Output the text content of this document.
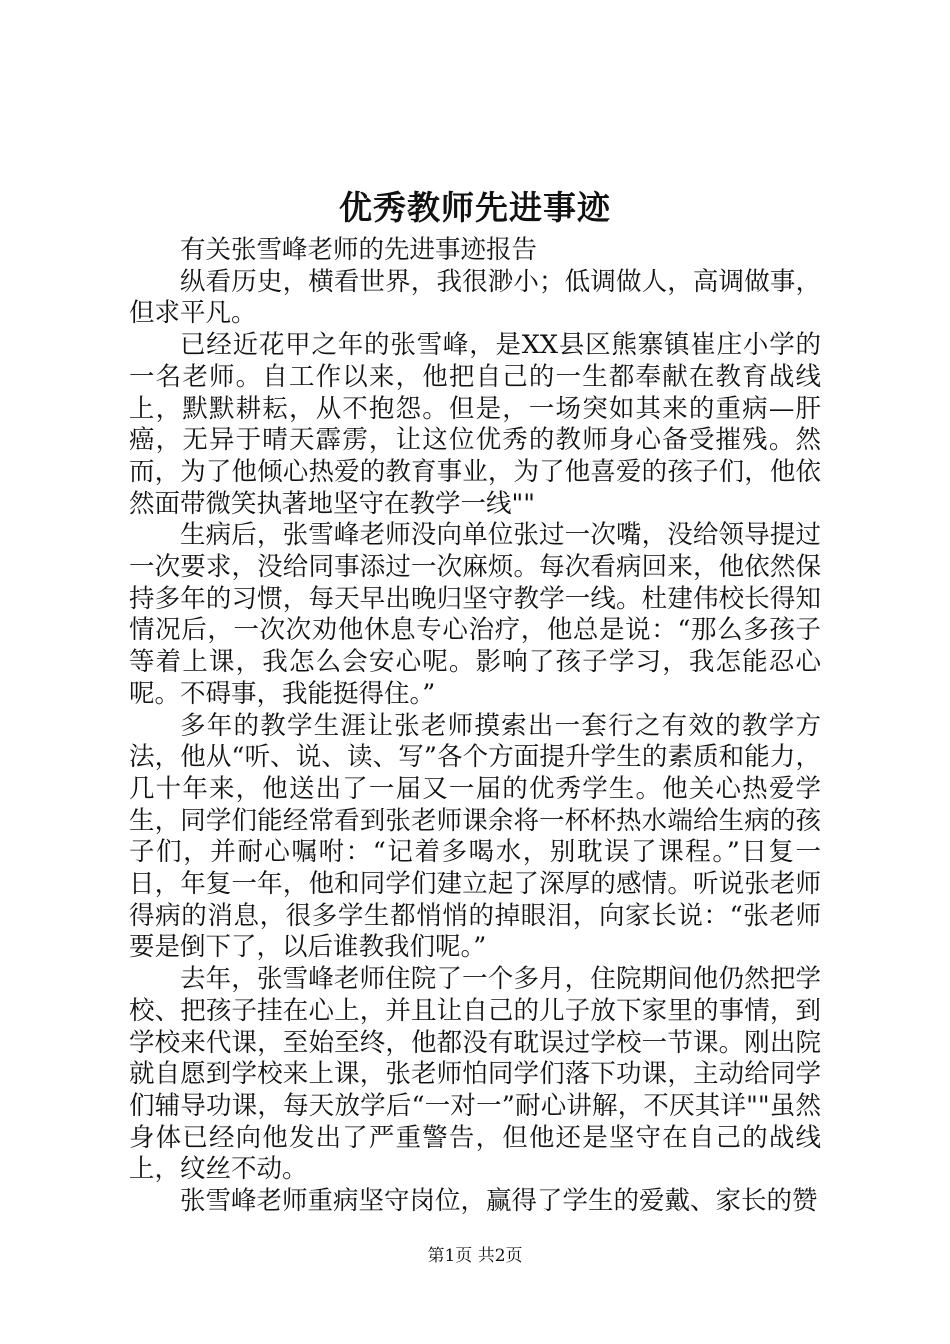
优秀教师先进事迹

有关张雪峰老师的先进事迹报告

纵看历史，横看世界，我很渺小；低调做人，高调做事，但求平凡。

已经近花甲之年的张雪峰，是XX县区熊寨镇崔庄小学的一名老师。自工作以来，他把自己的一生都奉献在教育战线上，默默耕耘，从不抱怨。但是，一场突如其来的重病—肝癌，无异于晴天霹雳，让这位优秀的教师身心备受摧残。然而，为了他倾心热爱的教育事业，为了他喜爱的孩子们，他依然面带微笑执著地坚守在教学一线""

生病后，张雪峰老师没向单位张过一次嘴，没给领导提过一次要求，没给同事添过一次麻烦。每次看病回来，他依然保持多年的习惯，每天早出晚归坚守教学一线。杜建伟校长得知情况后，一次次劝他休息专心治疗，他总是说：“那么多孩子等着上课，我怎么会安心呢。影响了孩子学习，我怎能忍心呢。不碍事，我能挺得住。”

多年的教学生涯让张老师摸索出一套行之有效的教学方法，他从“听、说、读、写”各个方面提升学生的素质和能力，几十年来，他送出了一届又一届的优秀学生。他关心热爱学生，同学们能经常看到张老师课余将一杯杯热水端给生病的孩子们，并耐心嘱咐：“记着多喝水，别耽误了课程。”日复一日，年复一年，他和同学们建立起了深厚的感情。听说张老师得病的消息，很多学生都悄悄的掉眼泪，向家长说：“张老师要是倒下了，以后谁教我们呢。”

去年，张雪峰老师住院了一个多月，住院期间他仍然把学校、把孩子挂在心上，并且让自己的儿子放下家里的事情，到学校来代课，至始至终，他都没有耽误过学校一节课。刚出院就自愿到学校来上课，张老师怕同学们落下功课，主动给同学们辅导功课，每天放学后“一对一”耐心讲解，不厌其详""虽然身体已经向他发出了严重警告，但他还是坚守在自己的战线上，纹丝不动。

张雪峰老师重病坚守岗位，赢得了学生的爱戴、家长的赞

第1页 共2页
